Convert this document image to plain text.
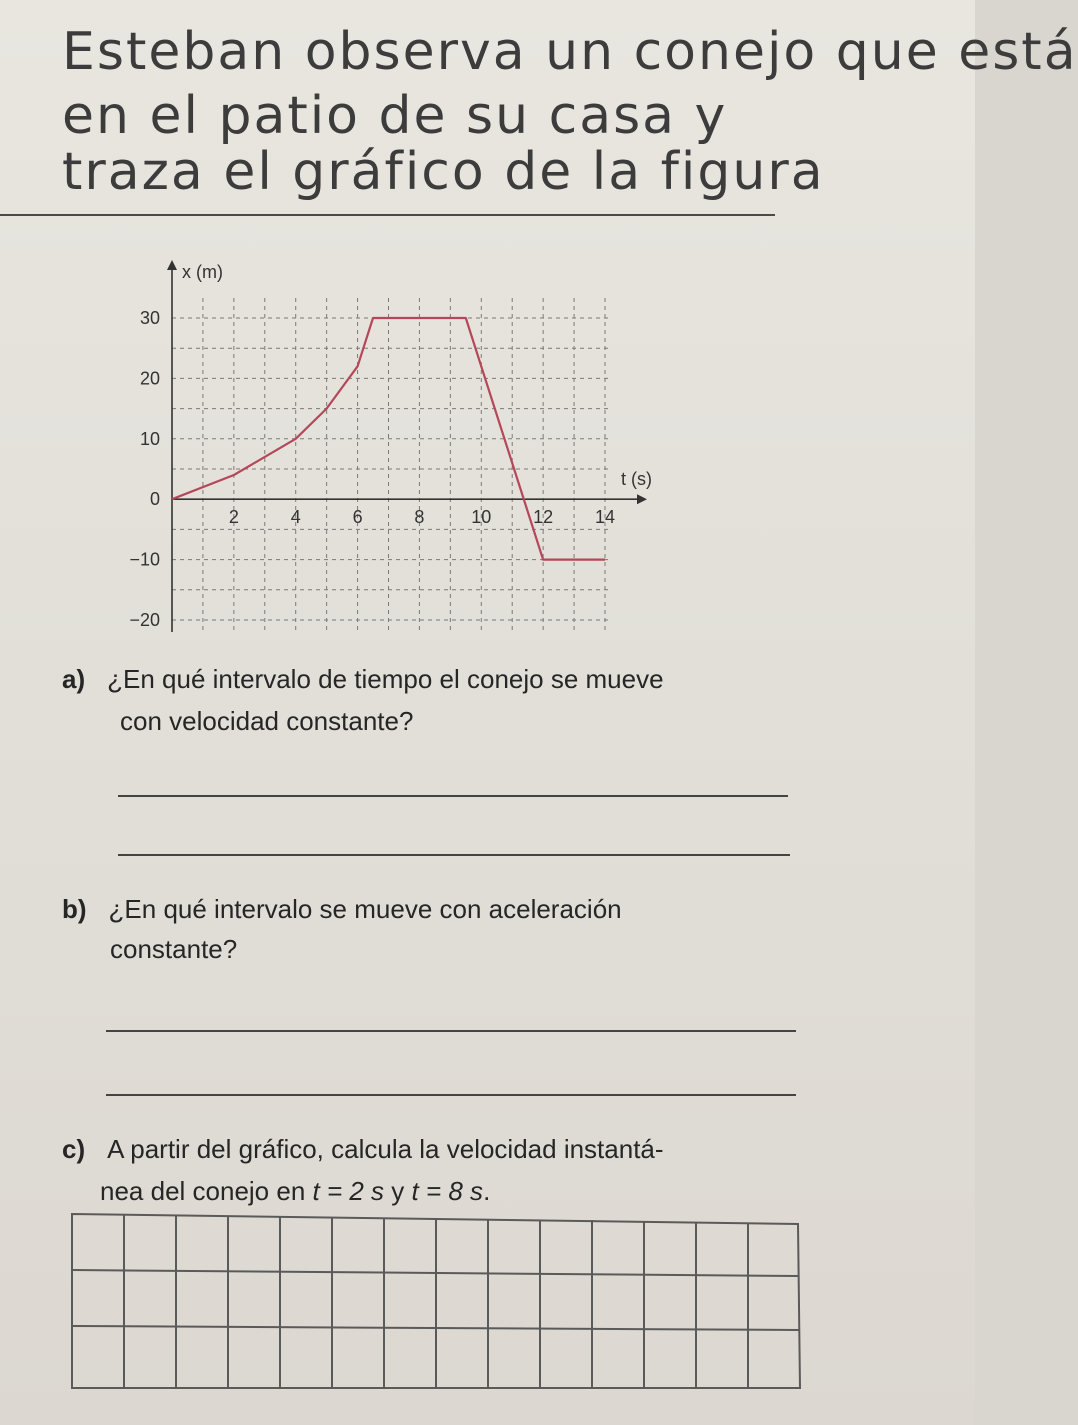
Esteban observa un conejo que está
en el patio de su casa y
traza el gráfico de la figura
x (m)
t (s)
30
20
10
0
−10
−20
2	4	6	8	10 12 14
a) ¿En qué intervalo de tiempo el conejo se mueve
con velocidad constante?
b) ¿En qué intervalo se mueve con aceleración
constante?
c) A partir del gráfico, calcula la velocidad instantá-
nea del conejo en t = 2 s y t = 8 s.
